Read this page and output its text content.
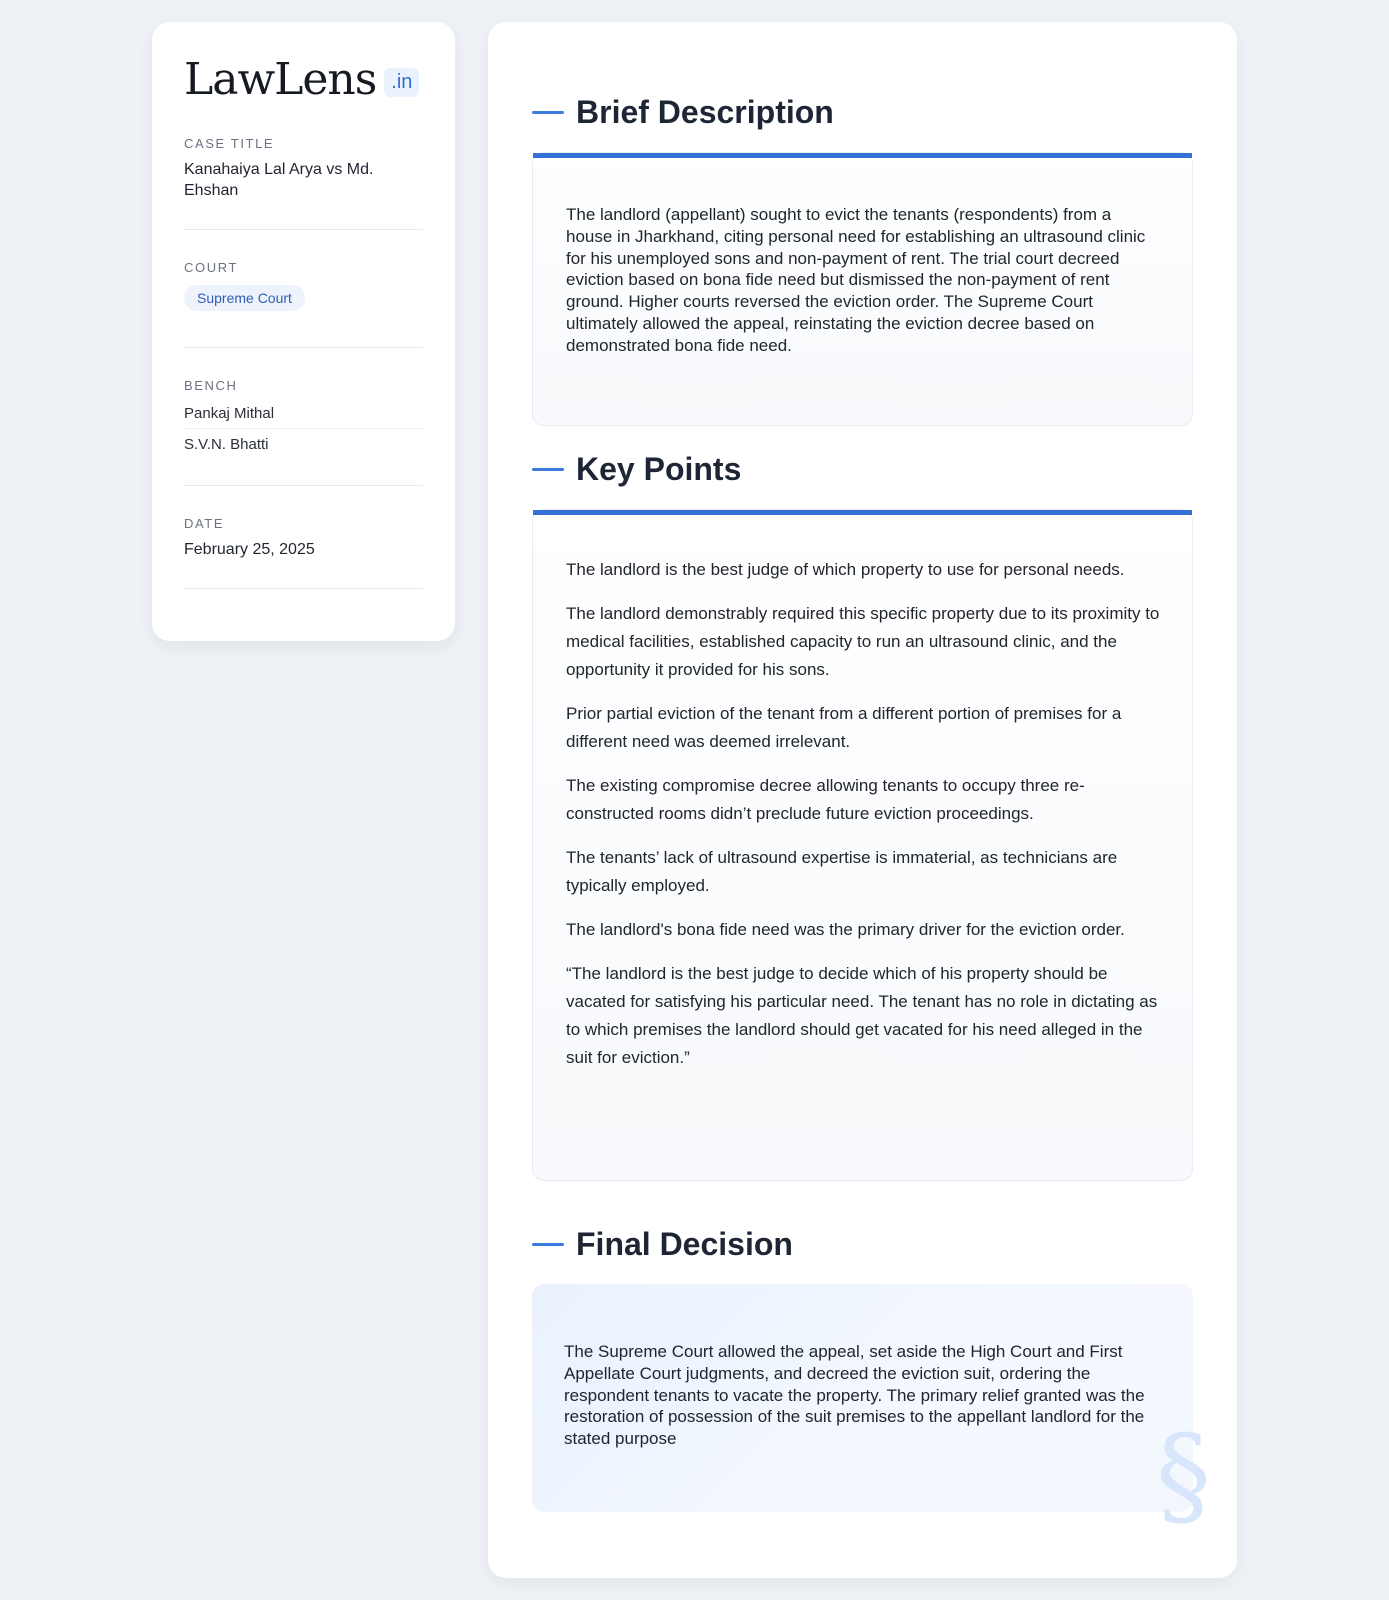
LawLens .in
CASE TITLE
Kanahaiya Lal Arya vs Md. Ehshan
COURT
Supreme Court
BENCH
Pankaj Mithal
S.V.N. Bhatti
DATE
February 25, 2025
Brief Description
The landlord (appellant) sought to evict the tenants (respondents) from a house in Jharkhand, citing personal need for establishing an ultrasound clinic for his unemployed sons and non-payment of rent. The trial court decreed eviction based on bona fide need but dismissed the non-payment of rent ground. Higher courts reversed the eviction order. The Supreme Court ultimately allowed the appeal, reinstating the eviction decree based on demonstrated bona fide need.
Key Points

The landlord is the best judge of which property to use for personal needs.

The landlord demonstrably required this specific property due to its proximity to medical facilities, established capacity to run an ultrasound clinic, and the opportunity it provided for his sons.

Prior partial eviction of the tenant from a different portion of premises for a different need was deemed irrelevant.

The existing compromise decree allowing tenants to occupy three re-constructed rooms didn’t preclude future eviction proceedings.

The tenants’ lack of ultrasound expertise is immaterial, as technicians are typically employed.

The landlord's bona fide need was the primary driver for the eviction order.

“The landlord is the best judge to decide which of his property should be vacated for satisfying his particular need. The tenant has no role in dictating as to which premises the landlord should get vacated for his need alleged in the suit for eviction.”

Final Decision
The Supreme Court allowed the appeal, set aside the High Court and First Appellate Court judgments, and decreed the eviction suit, ordering the respondent tenants to vacate the property. The primary relief granted was the restoration of possession of the suit premises to the appellant landlord for the stated purpose	§
